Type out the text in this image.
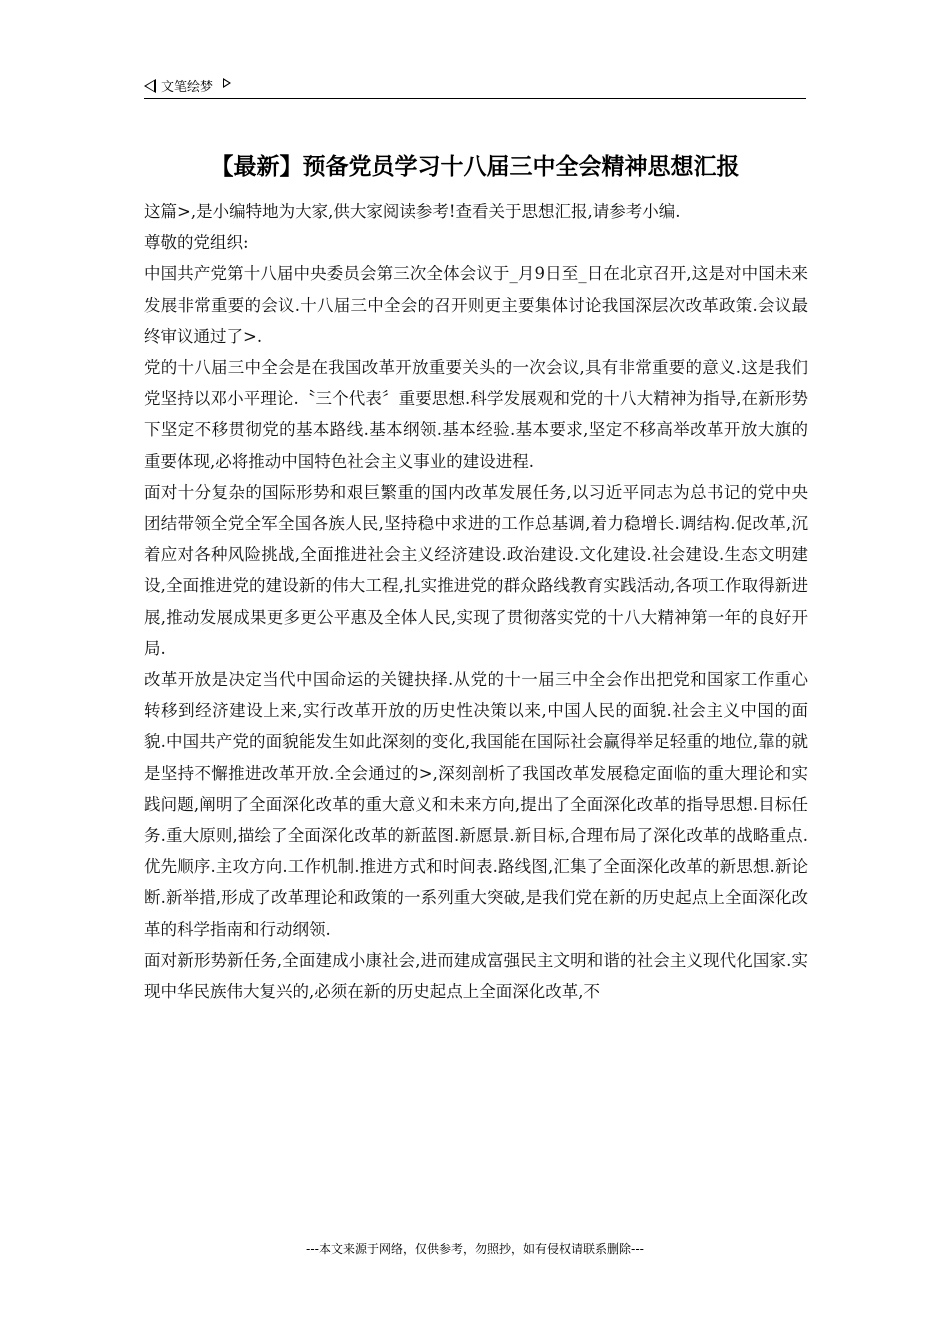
文笔绘梦
【最新】预备党员学习十八届三中全会精神思想汇报

这篇>,是小编特地为大家,供大家阅读参考!查看关于思想汇报,请参考小编.

尊敬的党组织:

中国共产党第十八届中央委员会第三次全体会议于_月9日至_日在北京召开,这是对中国未来发展非常重要的会议.十八届三中全会的召开则更主要集体讨论我国深层次改革政策.会议最终审议通过了>.

党的十八届三中全会是在我国改革开放重要关头的一次会议,具有非常重要的意义.这是我们党坚持以邓小平理论.〝三个代表〞重要思想.科学发展观和党的十八大精神为指导,在新形势下坚定不移贯彻党的基本路线.基本纲领.基本经验.基本要求,坚定不移高举改革开放大旗的重要体现,必将推动中国特色社会主义事业的建设进程.

面对十分复杂的国际形势和艰巨繁重的国内改革发展任务,以习近平同志为总书记的党中央团结带领全党全军全国各族人民,坚持稳中求进的工作总基调,着力稳增长.调结构.促改革,沉着应对各种风险挑战,全面推进社会主义经济建设.政治建设.文化建设.社会建设.生态文明建设,全面推进党的建设新的伟大工程,扎实推进党的群众路线教育实践活动,各项工作取得新进展,推动发展成果更多更公平惠及全体人民,实现了贯彻落实党的十八大精神第一年的良好开局.

改革开放是决定当代中国命运的关键抉择.从党的十一届三中全会作出把党和国家工作重心转移到经济建设上来,实行改革开放的历史性决策以来,中国人民的面貌.社会主义中国的面貌.中国共产党的面貌能发生如此深刻的变化,我国能在国际社会赢得举足轻重的地位,靠的就是坚持不懈推进改革开放.全会通过的>,深刻剖析了我国改革发展稳定面临的重大理论和实践问题,阐明了全面深化改革的重大意义和未来方向,提出了全面深化改革的指导思想.目标任务.重大原则,描绘了全面深化改革的新蓝图.新愿景.新目标,合理布局了深化改革的战略重点.优先顺序.主攻方向.工作机制.推进方式和时间表.路线图,汇集了全面深化改革的新思想.新论断.新举措,形成了改革理论和政策的一系列重大突破,是我们党在新的历史起点上全面深化改革的科学指南和行动纲领.

面对新形势新任务,全面建成小康社会,进而建成富强民主文明和谐的社会主义现代化国家.实现中华民族伟大复兴的,必须在新的历史起点上全面深化改革,不

---本文来源于网络，仅供参考，勿照抄，如有侵权请联系删除---
